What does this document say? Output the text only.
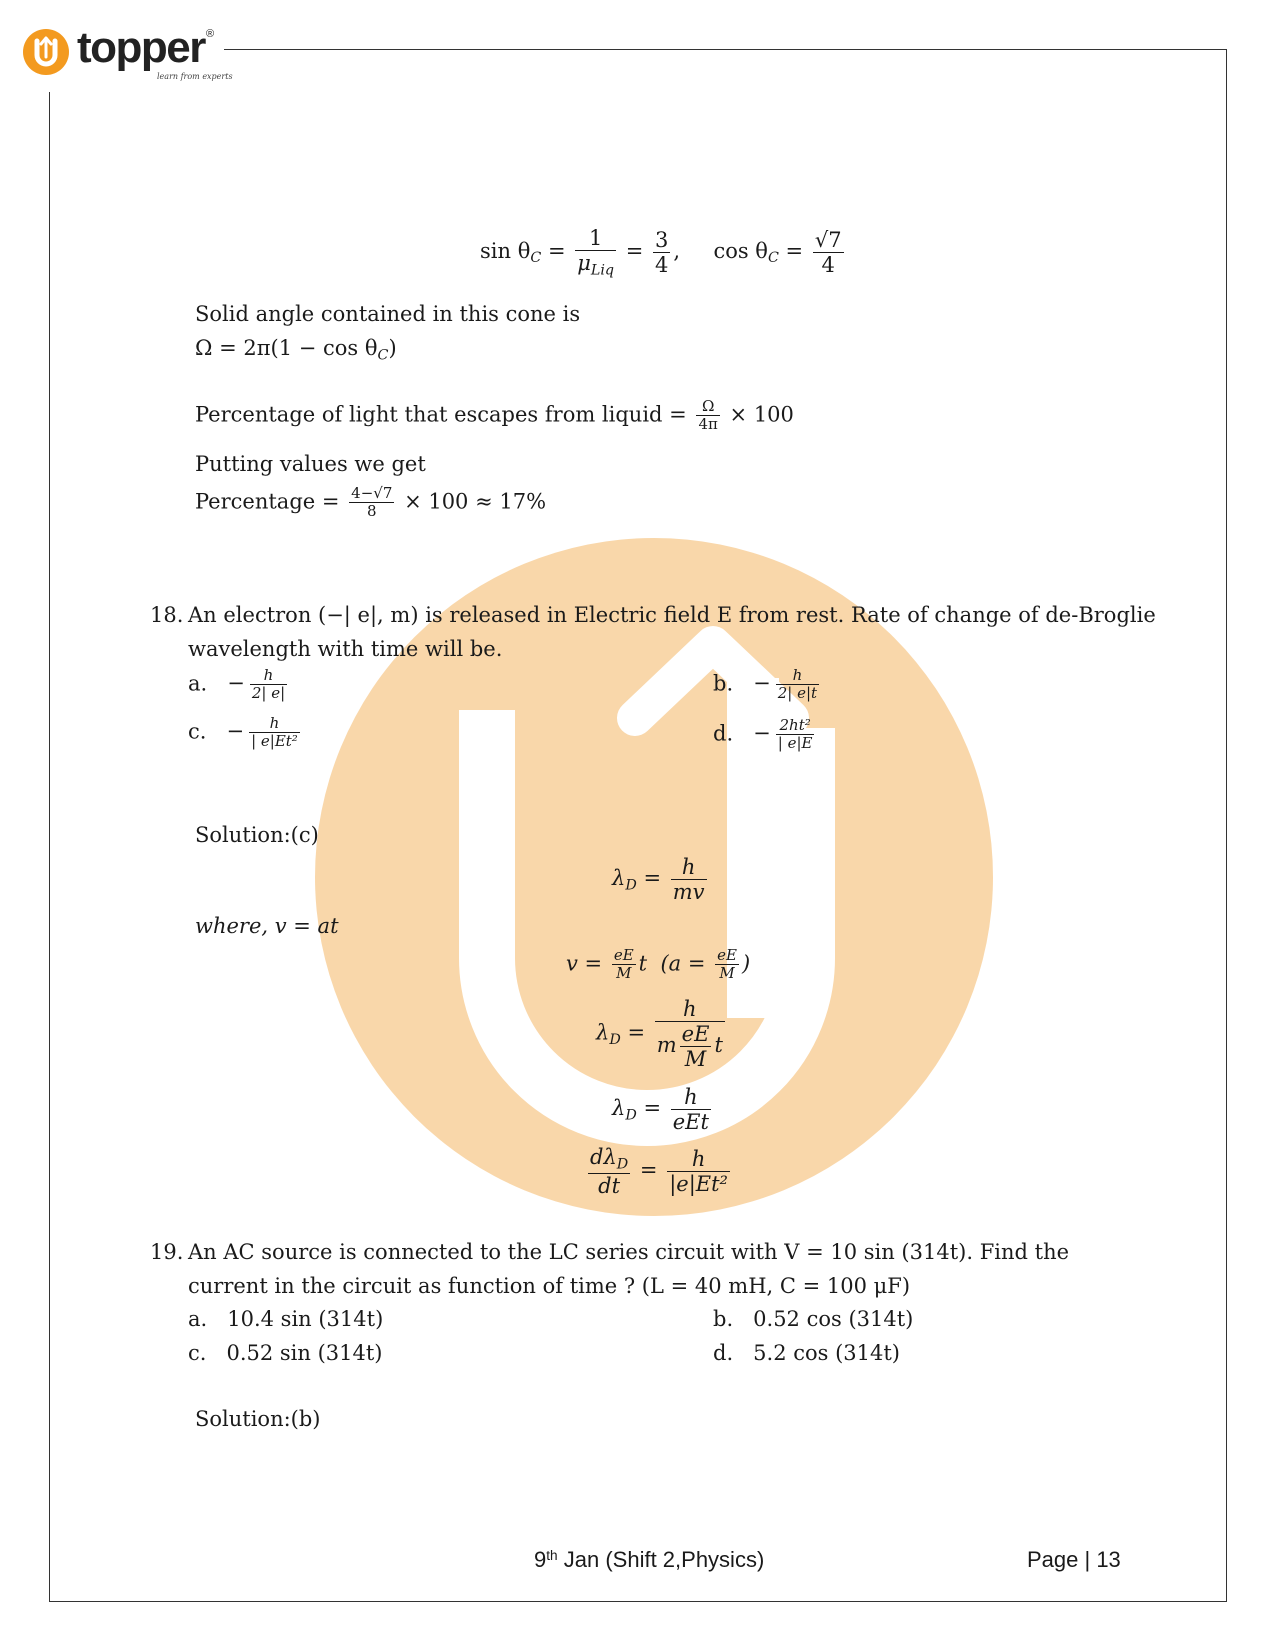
topper
learn from experts
®
$\sin \theta_C = \frac{1}{\mu_{Liq}} = \frac{3}{4}$ ,     $\cos \theta_C = \frac{√7}{4}$
Solid angle contained in this cone is
$\Omega = 2\pi(1 - \cos \theta_C)$
Percentage of light that escapes from liquid = $\frac{\Omega}{4\pi} \times 100$
Putting values we get
Percentage = $\frac{4-√7}{8} \times 100 \approx 17\%$
18. An electron (−| e|, m) is released in Electric field E from rest. Rate of change of de-Broglie
wavelength with time will be.
a. − $\frac{h}{2| e|}$	b. − $\frac{h}{2| e|t}$
c. − $\frac{h}{\text{| e|Et²}}$	d. − $\frac{\text{2ht²}}{| e|E}$
Solution:(c)
$\lambda_D = \frac{h}{mv}$
where, v = at
$v = \frac{eE}{M}$ t ($a = \frac{eE}{M}$ )
$\lambda_D = \frac{h}{m \frac{eE}{M} t}$
$\lambda_D = \frac{h}{\text{eEt}}$
$\frac{d\lambda_D}{dt} = \frac{h}{\text{|e|Et²}}$
19. An AC source is connected to the LC series circuit with V = 10 sin (314t). Find the
current in the circuit as function of time ? (L = 40 mH, C = 100 μF)
a. 10.4 sin (314t)	b. 0.52 cos (314t)
c. 0.52 sin (314t)	d. 5.2 cos (314t)
Solution:(b)
9th Jan (Shift 2,Physics)	Page | 13
